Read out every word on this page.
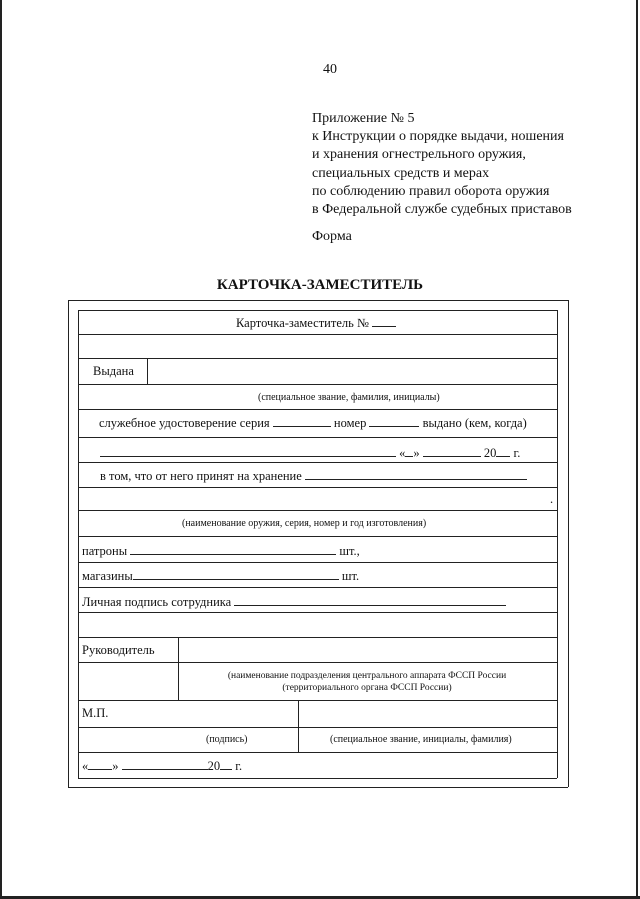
40
Приложение № 5
к Инструкции о порядке выдачи, ношения
и хранения огнестрельного оружия,
специальных средств и мерах
по соблюдению правил оборота оружия
в Федеральной службе судебных приставов
Форма
КАРТОЧКА-ЗАМЕСТИТЕЛЬ
Карточка-заместитель №
Выдана
(специальное звание, фамилия, инициалы)
служебное удостоверение серия	номер	выдано (кем, когда)
« »	20 г.
в том, что от него принят на хранение
.
(наименование оружия, серия, номер и год изготовления)
патроны	шт.,
магазины	шт.
Личная подпись сотрудника
Руководитель
(наименование подразделения центрального аппарата ФССП России
(территориального органа ФССП России)
М.П.
(подпись)	(специальное звание, инициалы, фамилия)
« »	20 г.
